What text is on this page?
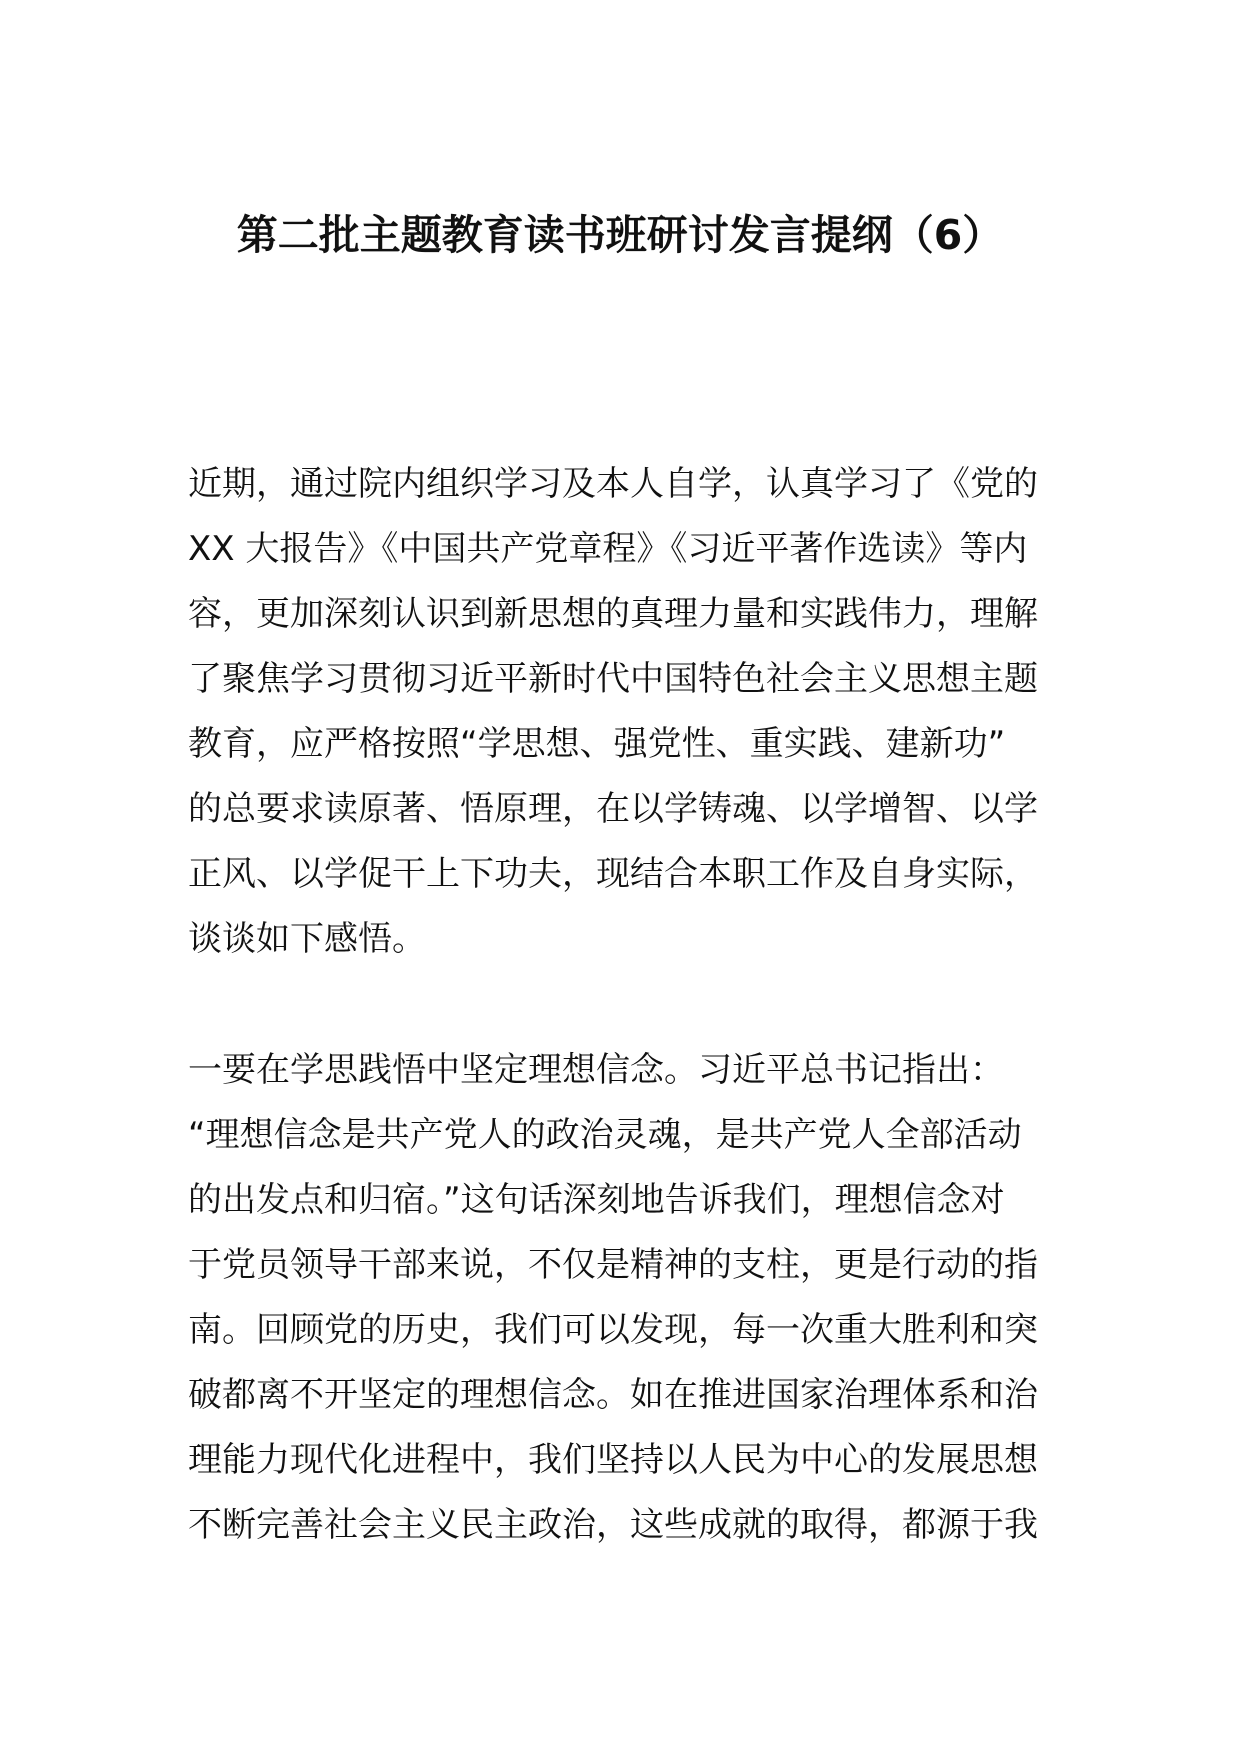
第二批主题教育读书班研讨发言提纲（6）
近期，通过院内组织学习及本人自学，认真学习了《党的
XX 大报告》《中国共产党章程》《习近平著作选读》等内
容，更加深刻认识到新思想的真理力量和实践伟力，理解
了聚焦学习贯彻习近平新时代中国特色社会主义思想主题
教育，应严格按照“学思想、强党性、重实践、建新功”
的总要求读原著、悟原理，在以学铸魂、以学增智、以学
正风、以学促干上下功夫，现结合本职工作及自身实际，
谈谈如下感悟。
一要在学思践悟中坚定理想信念。习近平总书记指出：
“理想信念是共产党人的政治灵魂，是共产党人全部活动
的出发点和归宿。”这句话深刻地告诉我们，理想信念对
于党员领导干部来说，不仅是精神的支柱，更是行动的指
南。回顾党的历史，我们可以发现，每一次重大胜利和突
破都离不开坚定的理想信念。如在推进国家治理体系和治
理能力现代化进程中，我们坚持以人民为中心的发展思想
不断完善社会主义民主政治，这些成就的取得，都源于我
